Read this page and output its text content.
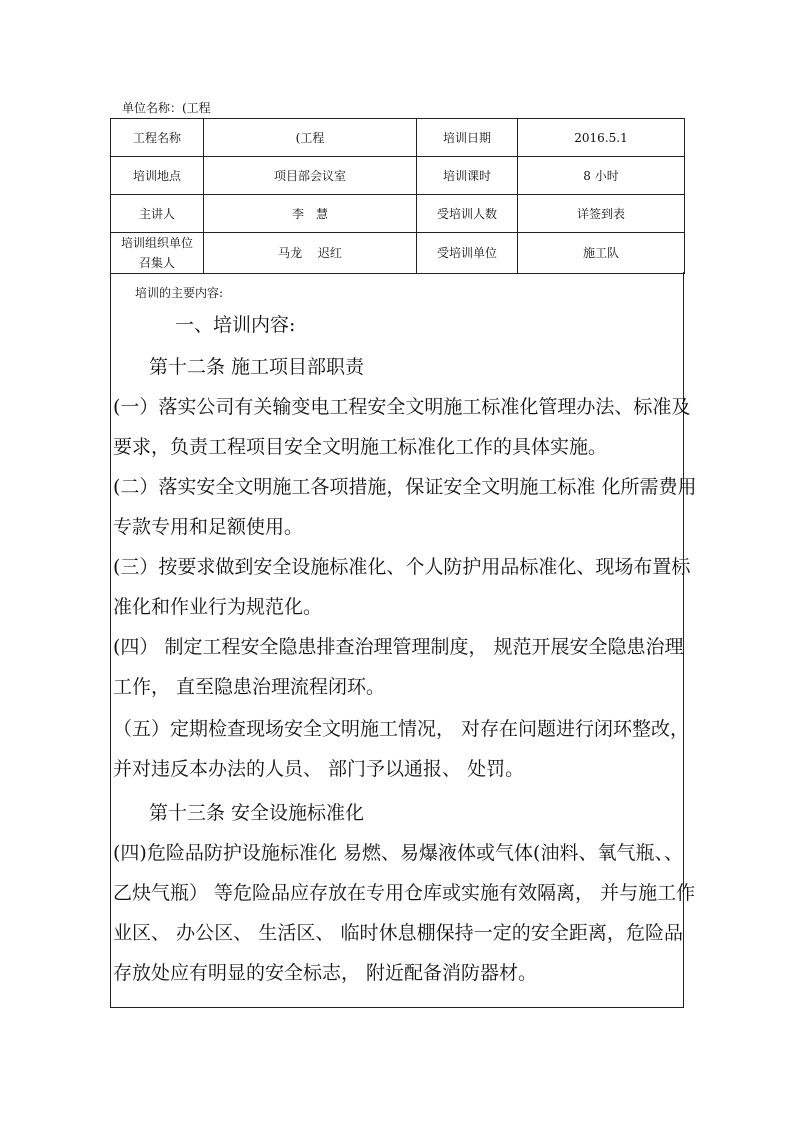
单位名称：(工程
工程名称	(工程	培训日期	2016.5.1
培训地点	项目部会议室	培训课时	8 小时
主讲人	李　慧	受培训人数	详签到表
培训组织单位
召集人	马龙　 迟红	受培训单位	施工队
培训的主要内容:
一、培训内容:
第十二条 施工项目部职责
(一）落实公司有关输变电工程安全文明施工标准化管理办法、标准及
要求，负责工程项目安全文明施工标准化工作的具体实施。
(二）落实安全文明施工各项措施，保证安全文明施工标准 化所需费用
专款专用和足额使用。
(三）按要求做到安全设施标准化、个人防护用品标准化、现场布置标
准化和作业行为规范化。
(四） 制定工程安全隐患排查治理管理制度， 规范开展安全隐患治理
工作， 直至隐患治理流程闭环。
（五）定期检查现场安全文明施工情况， 对存在问题进行闭环整改，
并对违反本办法的人员、 部门予以通报、 处罚。
第十三条 安全设施标准化
(四)危险品防护设施标准化 易燃、易爆液体或气体(油料、氧气瓶、、
乙炔气瓶） 等危险品应存放在专用仓库或实施有效隔离， 并与施工作
业区、 办公区、 生活区、 临时休息棚保持一定的安全距离，危险品
存放处应有明显的安全标志， 附近配备消防器材。
